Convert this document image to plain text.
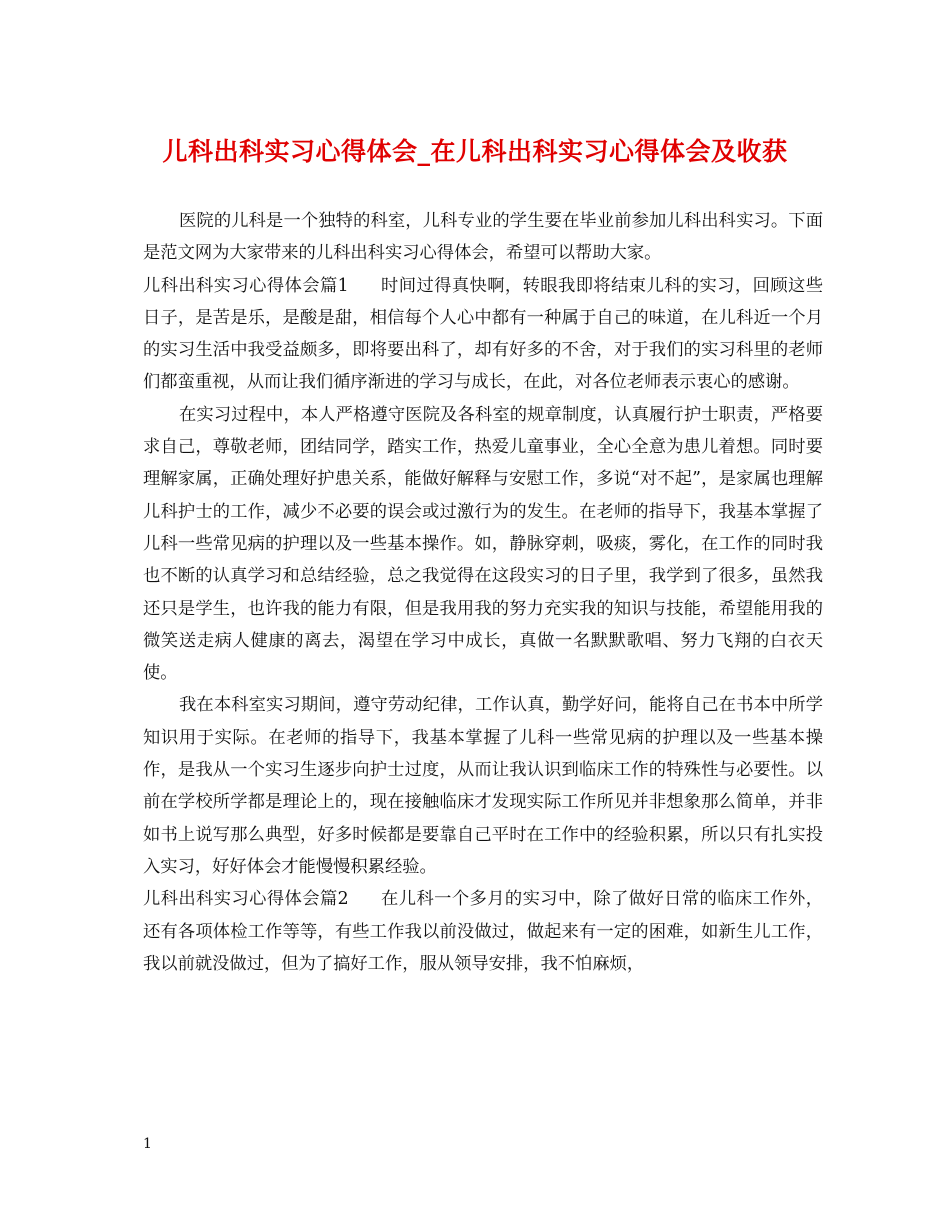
儿科出科实习心得体会_在儿科出科实习心得体会及收获

医院的儿科是一个独特的科室，儿科专业的学生要在毕业前参加儿科出科实习。下面是范文网为大家带来的儿科出科实习心得体会，希望可以帮助大家。

儿科出科实习心得体会篇1 时间过得真快啊，转眼我即将结束儿科的实习，回顾这些日子，是苦是乐，是酸是甜，相信每个人心中都有一种属于自己的味道，在儿科近一个月的实习生活中我受益颇多，即将要出科了，却有好多的不舍，对于我们的实习科里的老师们都蛮重视，从而让我们循序渐进的学习与成长，在此，对各位老师表示衷心的感谢。

在实习过程中，本人严格遵守医院及各科室的规章制度，认真履行护士职责，严格要求自己，尊敬老师，团结同学，踏实工作，热爱儿童事业，全心全意为患儿着想。同时要理解家属，正确处理好护患关系，能做好解释与安慰工作，多说“对不起”，是家属也理解儿科护士的工作，减少不必要的误会或过激行为的发生。在老师的指导下，我基本掌握了儿科一些常见病的护理以及一些基本操作。如，静脉穿刺，吸痰，雾化，在工作的同时我也不断的认真学习和总结经验，总之我觉得在这段实习的日子里，我学到了很多，虽然我还只是学生，也许我的能力有限，但是我用我的努力充实我的知识与技能，希望能用我的微笑送走病人健康的离去，渴望在学习中成长，真做一名默默歌唱、努力飞翔的白衣天使。

我在本科室实习期间，遵守劳动纪律，工作认真，勤学好问，能将自己在书本中所学知识用于实际。在老师的指导下，我基本掌握了儿科一些常见病的护理以及一些基本操作，是我从一个实习生逐步向护士过度，从而让我认识到临床工作的特殊性与必要性。以前在学校所学都是理论上的，现在接触临床才发现实际工作所见并非想象那么简单，并非如书上说写那么典型，好多时候都是要靠自己平时在工作中的经验积累，所以只有扎实投入实习，好好体会才能慢慢积累经验。

儿科出科实习心得体会篇2 在儿科一个多月的实习中，除了做好日常的临床工作外，还有各项体检工作等等，有些工作我以前没做过，做起来有一定的困难，如新生儿工作，我以前就没做过，但为了搞好工作，服从领导安排，我不怕麻烦，

1
